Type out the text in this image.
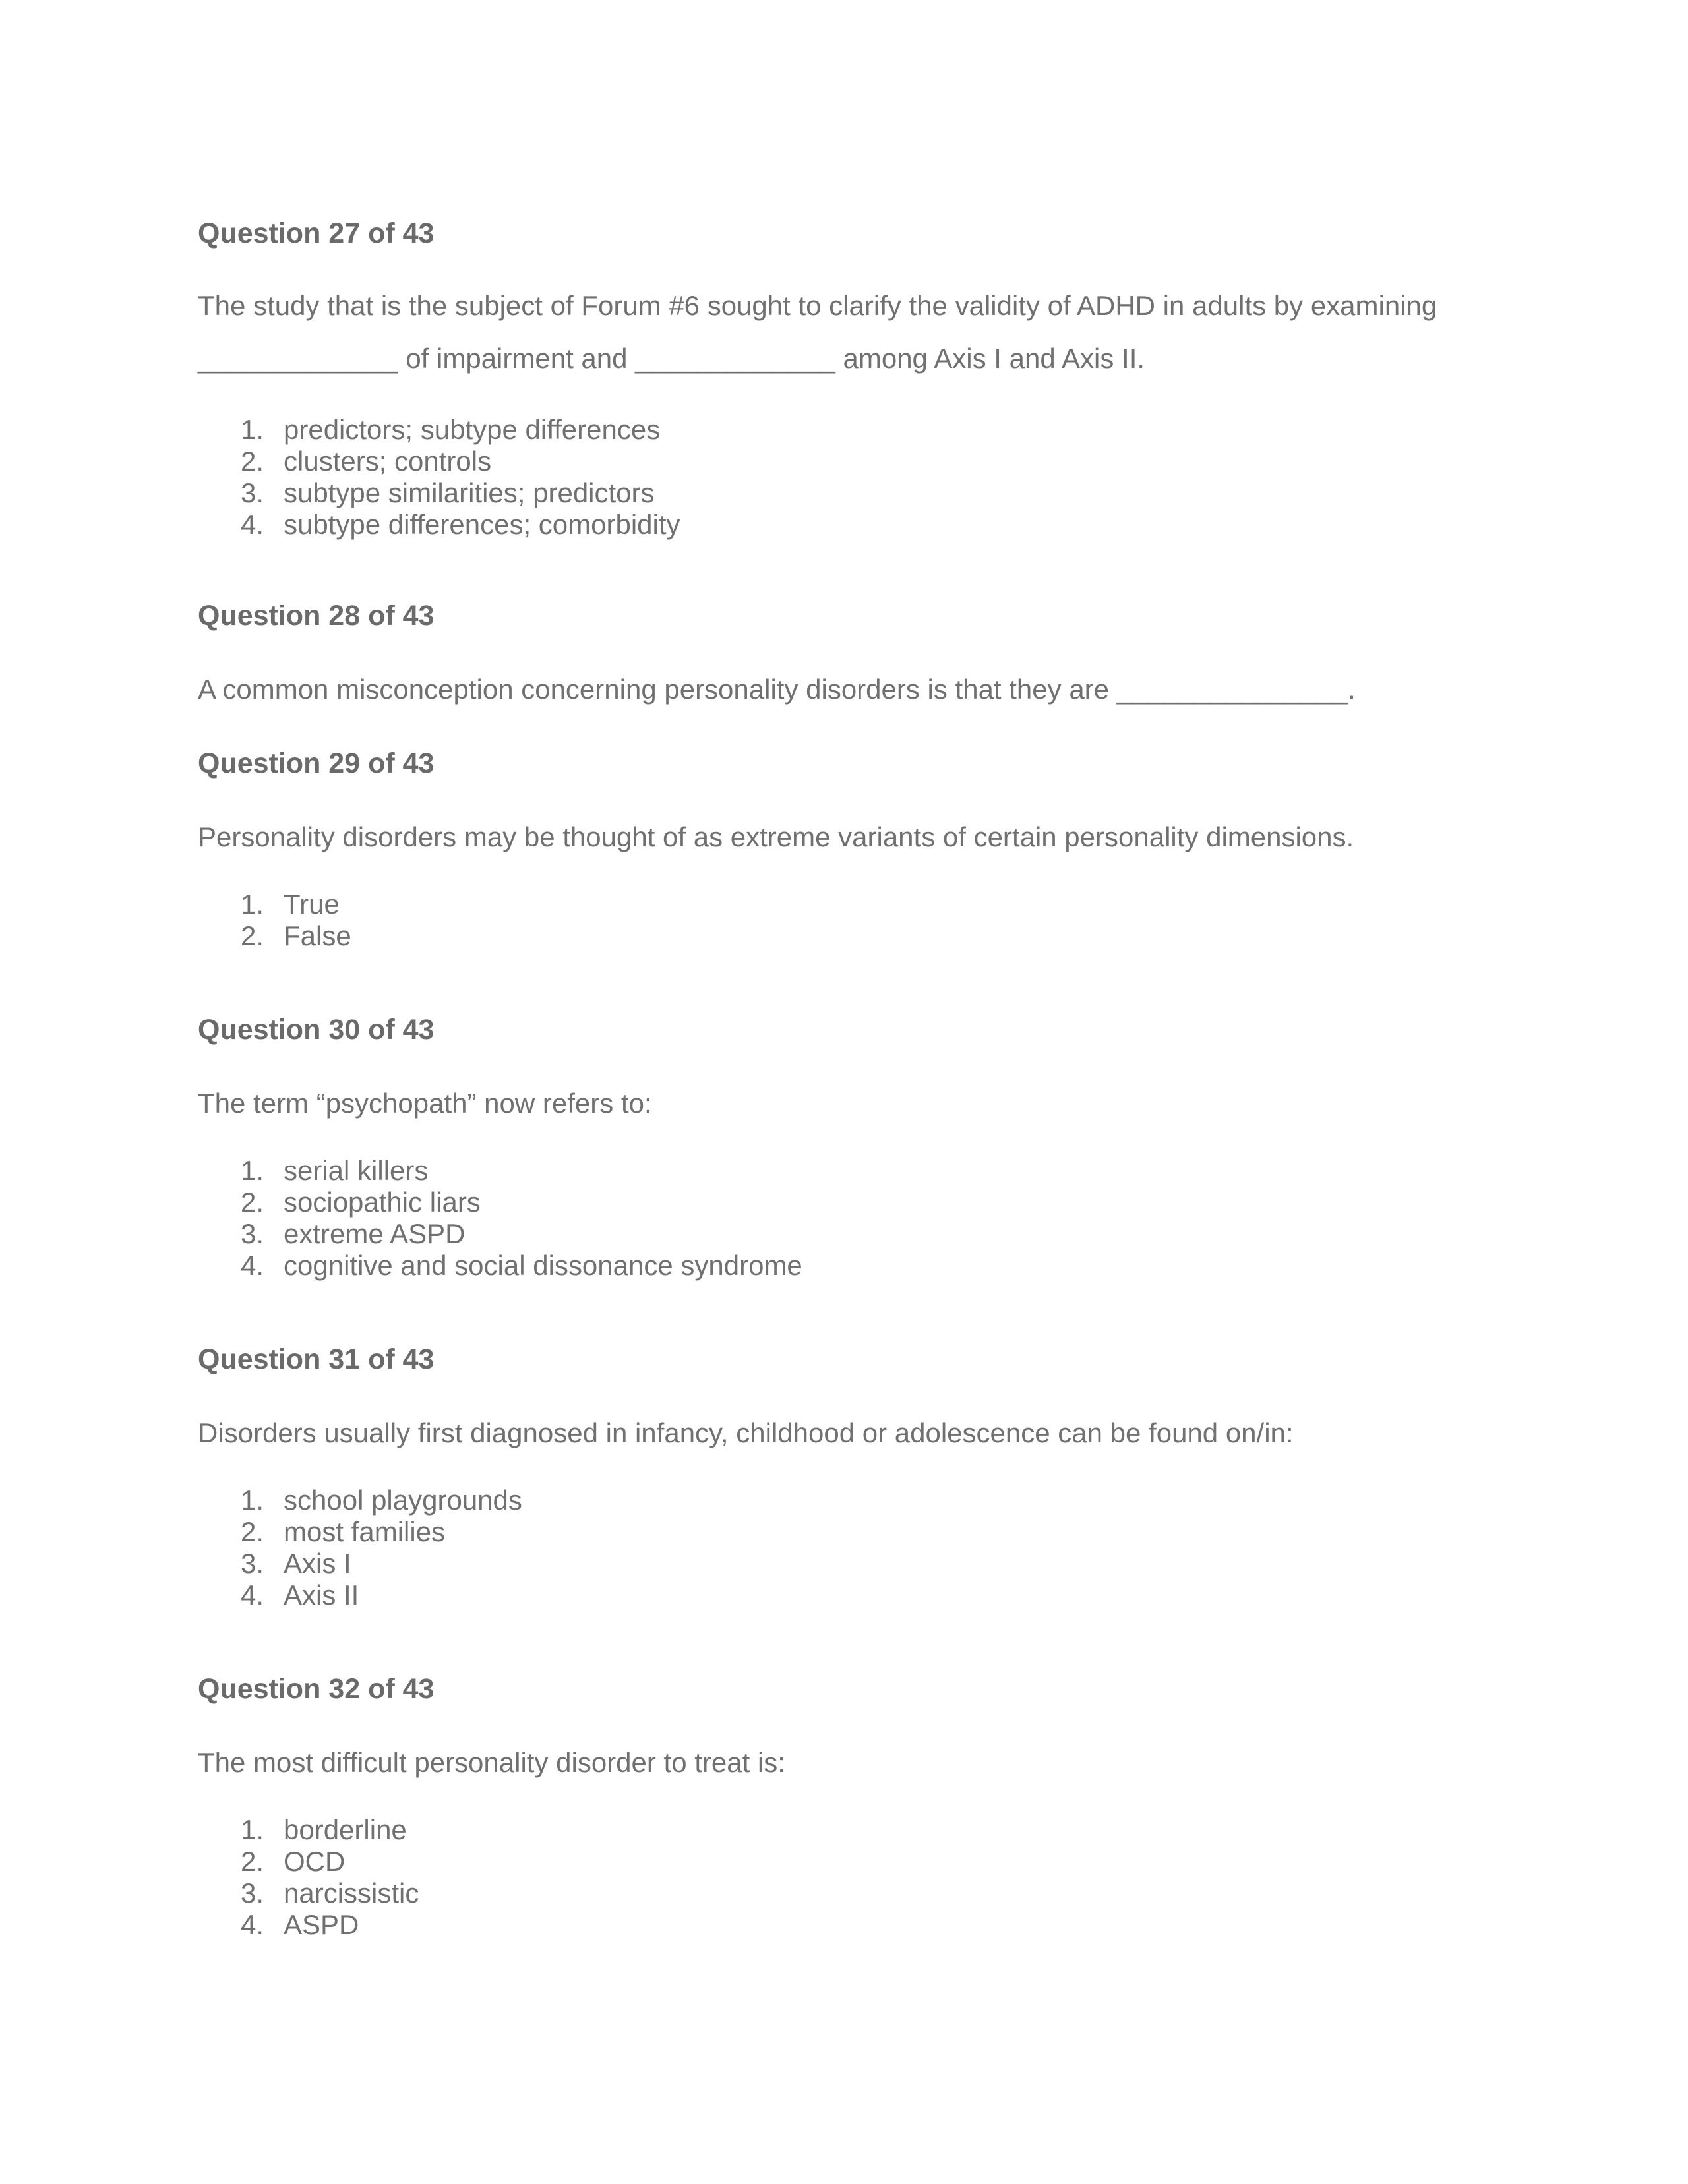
Question 27 of 43

The study that is the subject of Forum #6 sought to clarify the validity of ADHD in adults by examining
_____________ of impairment and _____________ among Axis I and Axis II.

1. predictors; subtype differences
2. clusters; controls
3. subtype similarities; predictors
4. subtype differences; comorbidity
Question 28 of 43

A common misconception concerning personality disorders is that they are _______________.

Question 29 of 43

Personality disorders may be thought of as extreme variants of certain personality dimensions.

1. True
2. False
Question 30 of 43

The term “psychopath” now refers to:

1. serial killers
2. sociopathic liars
3. extreme ASPD
4. cognitive and social dissonance syndrome
Question 31 of 43

Disorders usually first diagnosed in infancy, childhood or adolescence can be found on/in:

1. school playgrounds
2. most families
3. Axis I
4. Axis II
Question 32 of 43

The most difficult personality disorder to treat is:

1. borderline
2. OCD
3. narcissistic
4. ASPD
